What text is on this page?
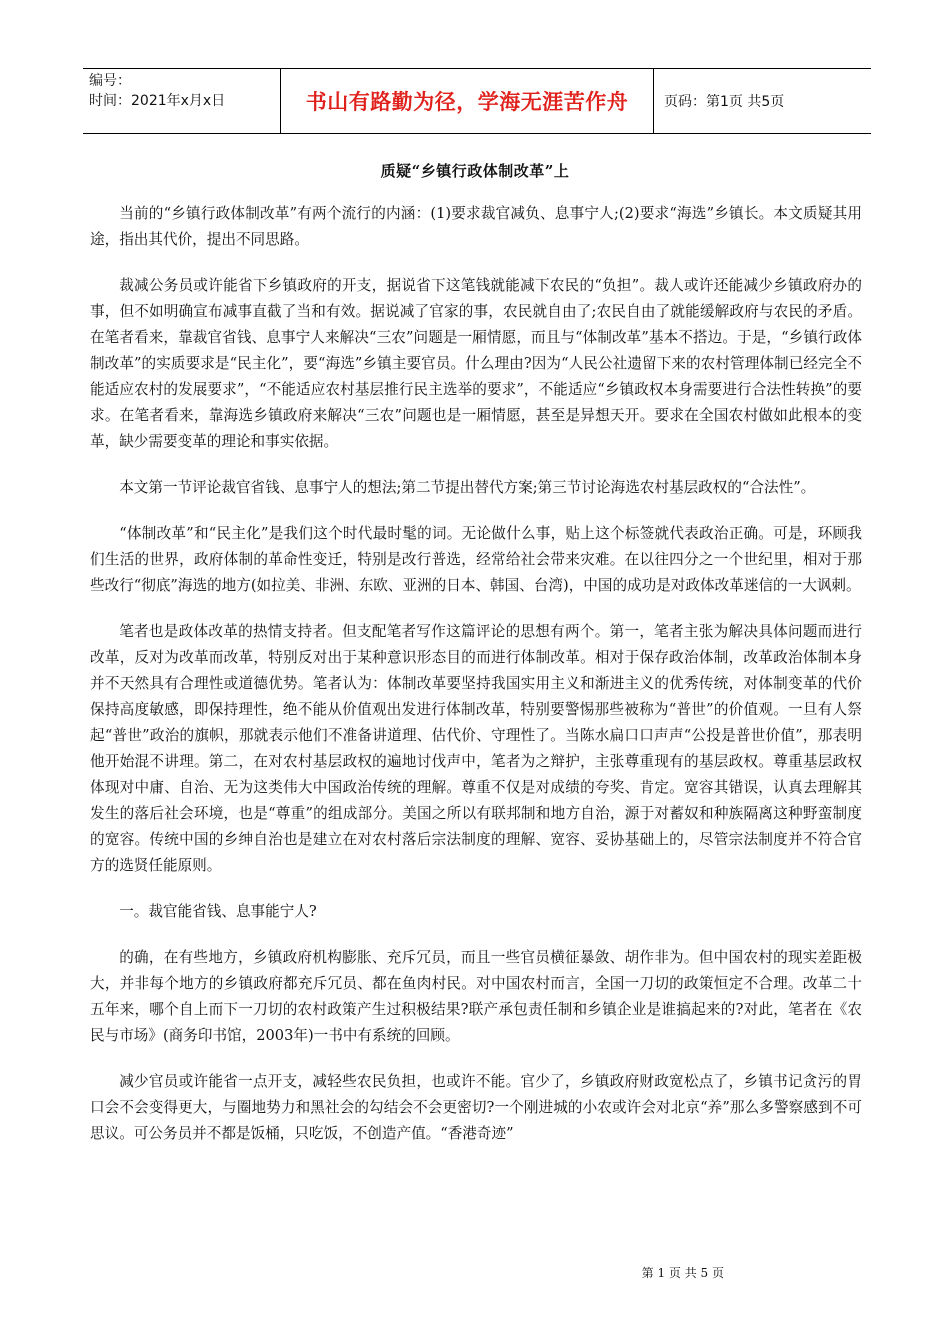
编号：
时间：2021年x月x日	书山有路勤为径，学海无涯苦作舟	页码：第1页 共5页
质疑“乡镇行政体制改革”上

当前的“乡镇行政体制改革”有两个流行的内涵：(1)要求裁官减负、息事宁人;(2)要求“海选”乡镇长。本文质疑其用途，指出其代价，提出不同思路。

裁减公务员或许能省下乡镇政府的开支，据说省下这笔钱就能减下农民的“负担”。裁人或许还能减少乡镇政府办的事，但不如明确宣布减事直截了当和有效。据说减了官家的事，农民就自由了;农民自由了就能缓解政府与农民的矛盾。在笔者看来，靠裁官省钱、息事宁人来解决“三农”问题是一厢情愿，而且与“体制改革”基本不搭边。于是，“乡镇行政体制改革”的实质要求是“民主化”，要“海选”乡镇主要官员。什么理由?因为“人民公社遗留下来的农村管理体制已经完全不能适应农村的发展要求”，“不能适应农村基层推行民主选举的要求”，不能适应“乡镇政权本身需要进行合法性转换”的要求。在笔者看来，靠海选乡镇政府来解决“三农”问题也是一厢情愿，甚至是异想天开。要求在全国农村做如此根本的变革，缺少需要变革的理论和事实依据。

本文第一节评论裁官省钱、息事宁人的想法;第二节提出替代方案;第三节讨论海选农村基层政权的“合法性”。

“体制改革”和“民主化”是我们这个时代最时髦的词。无论做什么事，贴上这个标签就代表政治正确。可是，环顾我们生活的世界，政府体制的革命性变迁，特别是改行普选，经常给社会带来灾难。在以往四分之一个世纪里，相对于那些改行“彻底”海选的地方(如拉美、非洲、东欧、亚洲的日本、韩国、台湾)，中国的成功是对政体改革迷信的一大讽刺。

笔者也是政体改革的热情支持者。但支配笔者写作这篇评论的思想有两个。第一，笔者主张为解决具体问题而进行改革，反对为改革而改革，特别反对出于某种意识形态目的而进行体制改革。相对于保存政治体制，改革政治体制本身并不天然具有合理性或道德优势。笔者认为：体制改革要坚持我国实用主义和渐进主义的优秀传统，对体制变革的代价保持高度敏感，即保持理性，绝不能从价值观出发进行体制改革，特别要警惕那些被称为“普世”的价值观。一旦有人祭起“普世”政治的旗帜，那就表示他们不准备讲道理、估代价、守理性了。当陈水扁口口声声“公投是普世价值”，那表明他开始混不讲理。第二，在对农村基层政权的遍地讨伐声中，笔者为之辩护，主张尊重现有的基层政权。尊重基层政权体现对中庸、自治、无为这类伟大中国政治传统的理解。尊重不仅是对成绩的夸奖、肯定。宽容其错误，认真去理解其发生的落后社会环境，也是“尊重”的组成部分。美国之所以有联邦制和地方自治，源于对蓄奴和种族隔离这种野蛮制度的宽容。传统中国的乡绅自治也是建立在对农村落后宗法制度的理解、宽容、妥协基础上的，尽管宗法制度并不符合官方的选贤任能原则。

一。裁官能省钱、息事能宁人?

的确，在有些地方，乡镇政府机构膨胀、充斥冗员，而且一些官员横征暴敛、胡作非为。但中国农村的现实差距极大，并非每个地方的乡镇政府都充斥冗员、都在鱼肉村民。对中国农村而言，全国一刀切的政策恒定不合理。改革二十五年来，哪个自上而下一刀切的农村政策产生过积极结果?联产承包责任制和乡镇企业是谁搞起来的?对此，笔者在《农民与市场》(商务印书馆，2003年)一书中有系统的回顾。

减少官员或许能省一点开支，减轻些农民负担，也或许不能。官少了，乡镇政府财政宽松点了，乡镇书记贪污的胃口会不会变得更大，与圈地势力和黑社会的勾结会不会更密切?一个刚进城的小农或许会对北京“养”那么多警察感到不可思议。可公务员并不都是饭桶，只吃饭，不创造产值。“香港奇迹”

第 1 页 共 5 页
